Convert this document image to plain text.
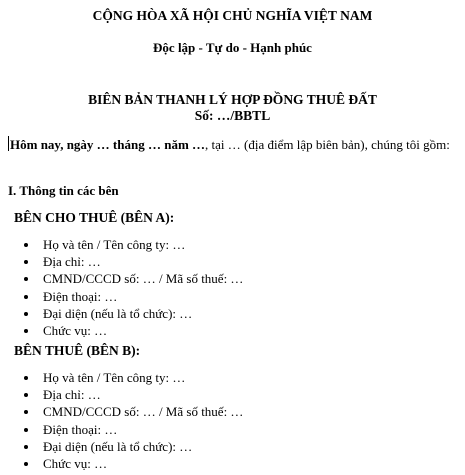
CỘNG HÒA XÃ HỘI CHỦ NGHĨA VIỆT NAM
Độc lập - Tự do - Hạnh phúc
BIÊN BẢN THANH LÝ HỢP ĐỒNG THUÊ ĐẤT
Số: …/BBTL
Hôm nay, ngày … tháng … năm …, tại … (địa điểm lập biên bản), chúng tôi gồm:
I. Thông tin các bên
BÊN CHO THUÊ (BÊN A):
Họ và tên / Tên công ty: …
Địa chỉ: …
CMND/CCCD số: … / Mã số thuế: …
Điện thoại: …
Đại diện (nếu là tổ chức): …
Chức vụ: …
BÊN THUÊ (BÊN B):
Họ và tên / Tên công ty: …
Địa chỉ: …
CMND/CCCD số: … / Mã số thuế: …
Điện thoại: …
Đại diện (nếu là tổ chức): …
Chức vụ: …
